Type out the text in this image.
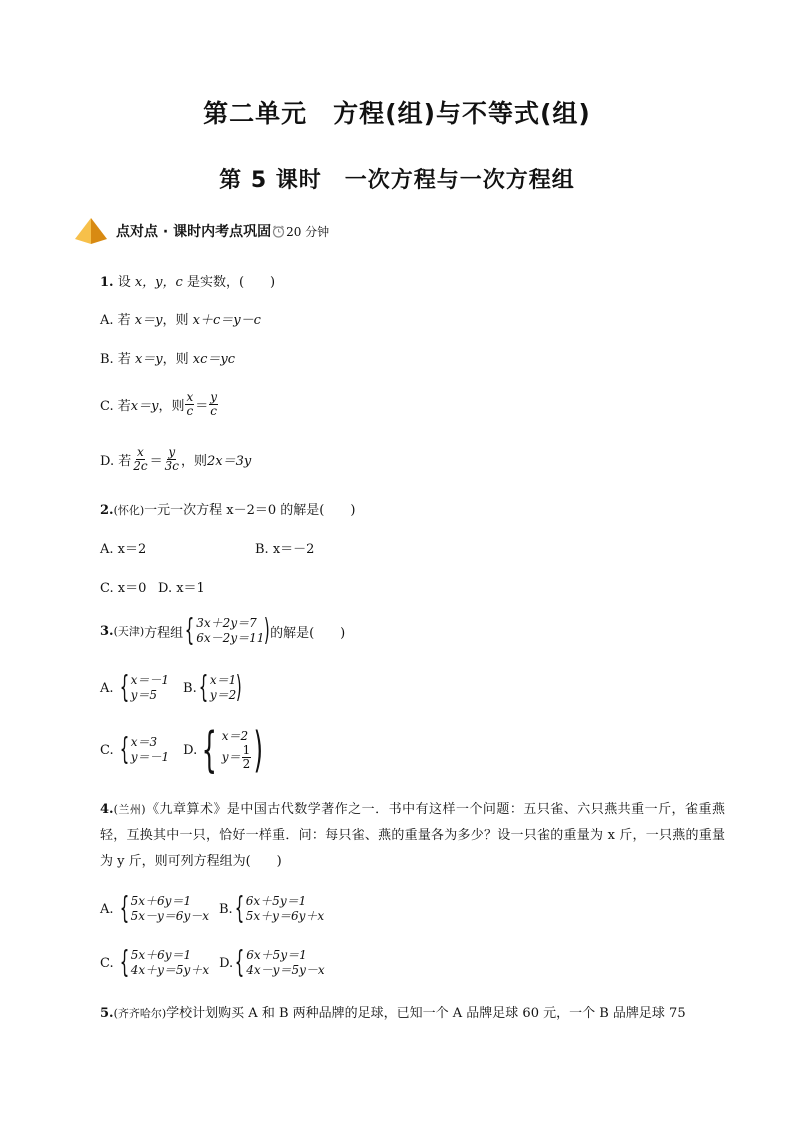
第二单元　方程(组)与不等式(组)
第 5 课时　一次方程与一次方程组
点对点 · 课时内考点巩固 20 分钟
1. 设 x，y，c 是实数，(　　)
A. 若 x＝y，则 x＋c＝y－c
B. 若 x＝y，则 xc＝yc
C. 若 x＝y ，则 $\frac{x}{c} = \frac{y}{c}$
D. 若 $\frac{x}{2c} = \frac{y}{3c}$ ，则 2x＝3y
2.(怀化)一元一次方程 x－2＝0 的解是(　　)
A. x＝2	B. x＝－2
C. x＝0 D. x＝1
3. (天津) 方程组 { 3x＋2y＝7
6x－2y＝11 ) 的解是(　　)
A. { x＝－1
y＝5	B. { x＝1
y＝2 )
C. { x＝3
y＝－1 D. { x＝2
$y= \frac{1}{2}$ )
4.(兰州)《九章算术》是中国古代数学著作之一．书中有这样一个问题：五只雀、六只燕共重一斤，雀重燕轻，互换其中一只，恰好一样重．问：每只雀、燕的重量各为多少？设一只雀的重量为 x 斤，一只燕的重量为 y 斤，则可列方程组为(　　)
A. { 5x＋6y＝1
5x－y＝6y－x B. { 6x＋5y＝1
5x＋y＝6y＋x
C. { 5x＋6y＝1
4x＋y＝5y＋x D. { 6x＋5y＝1
4x－y＝5y－x
5.(齐齐哈尔)学校计划购买 A 和 B 两种品牌的足球，已知一个 A 品牌足球 60 元，一个 B 品牌足球 75
